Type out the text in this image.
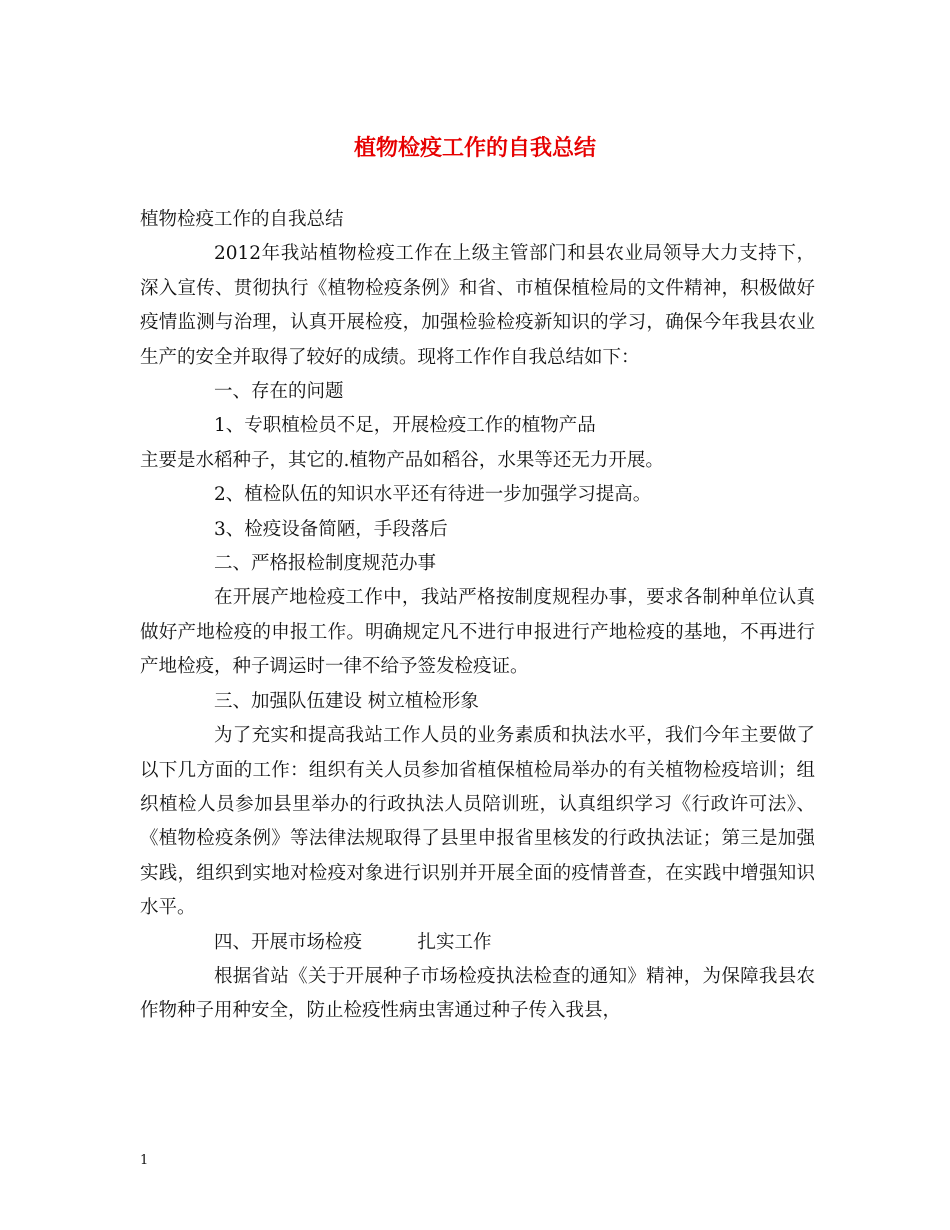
植物检疫工作的自我总结

植物检疫工作的自我总结

2012年我站植物检疫工作在上级主管部门和县农业局领导大力支持下，深入宣传、贯彻执行《植物检疫条例》和省、市植保植检局的文件精神，积极做好疫情监测与治理，认真开展检疫，加强检验检疫新知识的学习，确保今年我县农业生产的安全并取得了较好的成绩。现将工作作自我总结如下：

一、存在的问题

1、专职植检员不足，开展检疫工作的植物产品

主要是水稻种子，其它的.植物产品如稻谷，水果等还无力开展。

2、植检队伍的知识水平还有待进一步加强学习提高。

3、检疫设备简陋，手段落后

二、严格报检制度规范办事

在开展产地检疫工作中，我站严格按制度规程办事，要求各制种单位认真做好产地检疫的申报工作。明确规定凡不进行申报进行产地检疫的基地，不再进行产地检疫，种子调运时一律不给予签发检疫证。

三、加强队伍建设 树立植检形象

为了充实和提高我站工作人员的业务素质和执法水平，我们今年主要做了以下几方面的工作：组织有关人员参加省植保植检局举办的有关植物检疫培训；组织植检人员参加县里举办的行政执法人员陪训班，认真组织学习《行政许可法》、《植物检疫条例》等法律法规取得了县里申报省里核发的行政执法证；第三是加强实践，组织到实地对检疫对象进行识别并开展全面的疫情普查，在实践中增强知识水平。

四、开展市场检疫　　　扎实工作

根据省站《关于开展种子市场检疫执法检查的通知》精神，为保障我县农作物种子用种安全，防止检疫性病虫害通过种子传入我县，

1
